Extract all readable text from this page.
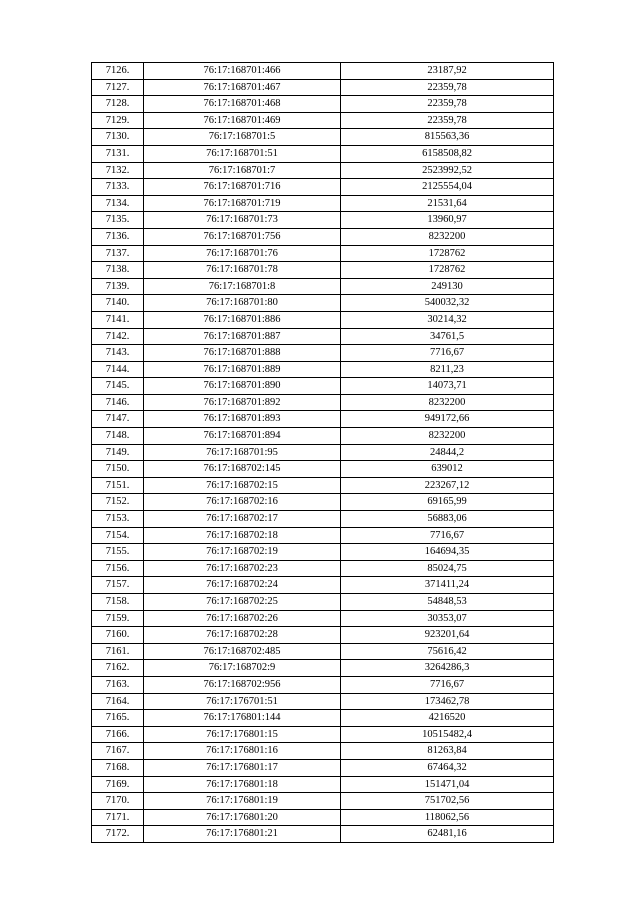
7126.	76:17:168701:466	23187,92
7127.	76:17:168701:467	22359,78
7128.	76:17:168701:468	22359,78
7129.	76:17:168701:469	22359,78
7130.	76:17:168701:5	815563,36
7131.	76:17:168701:51	6158508,82
7132.	76:17:168701:7	2523992,52
7133.	76:17:168701:716	2125554,04
7134.	76:17:168701:719	21531,64
7135.	76:17:168701:73	13960,97
7136.	76:17:168701:756	8232200
7137.	76:17:168701:76	1728762
7138.	76:17:168701:78	1728762
7139.	76:17:168701:8	249130
7140.	76:17:168701:80	540032,32
7141.	76:17:168701:886	30214,32
7142.	76:17:168701:887	34761,5
7143.	76:17:168701:888	7716,67
7144.	76:17:168701:889	8211,23
7145.	76:17:168701:890	14073,71
7146.	76:17:168701:892	8232200
7147.	76:17:168701:893	949172,66
7148.	76:17:168701:894	8232200
7149.	76:17:168701:95	24844,2
7150.	76:17:168702:145	639012
7151.	76:17:168702:15	223267,12
7152.	76:17:168702:16	69165,99
7153.	76:17:168702:17	56883,06
7154.	76:17:168702:18	7716,67
7155.	76:17:168702:19	164694,35
7156.	76:17:168702:23	85024,75
7157.	76:17:168702:24	371411,24
7158.	76:17:168702:25	54848,53
7159.	76:17:168702:26	30353,07
7160.	76:17:168702:28	923201,64
7161.	76:17:168702:485	75616,42
7162.	76:17:168702:9	3264286,3
7163.	76:17:168702:956	7716,67
7164.	76:17:176701:51	173462,78
7165.	76:17:176801:144	4216520
7166.	76:17:176801:15	10515482,4
7167.	76:17:176801:16	81263,84
7168.	76:17:176801:17	67464,32
7169.	76:17:176801:18	151471,04
7170.	76:17:176801:19	751702,56
7171.	76:17:176801:20	118062,56
7172.	76:17:176801:21	62481,16
